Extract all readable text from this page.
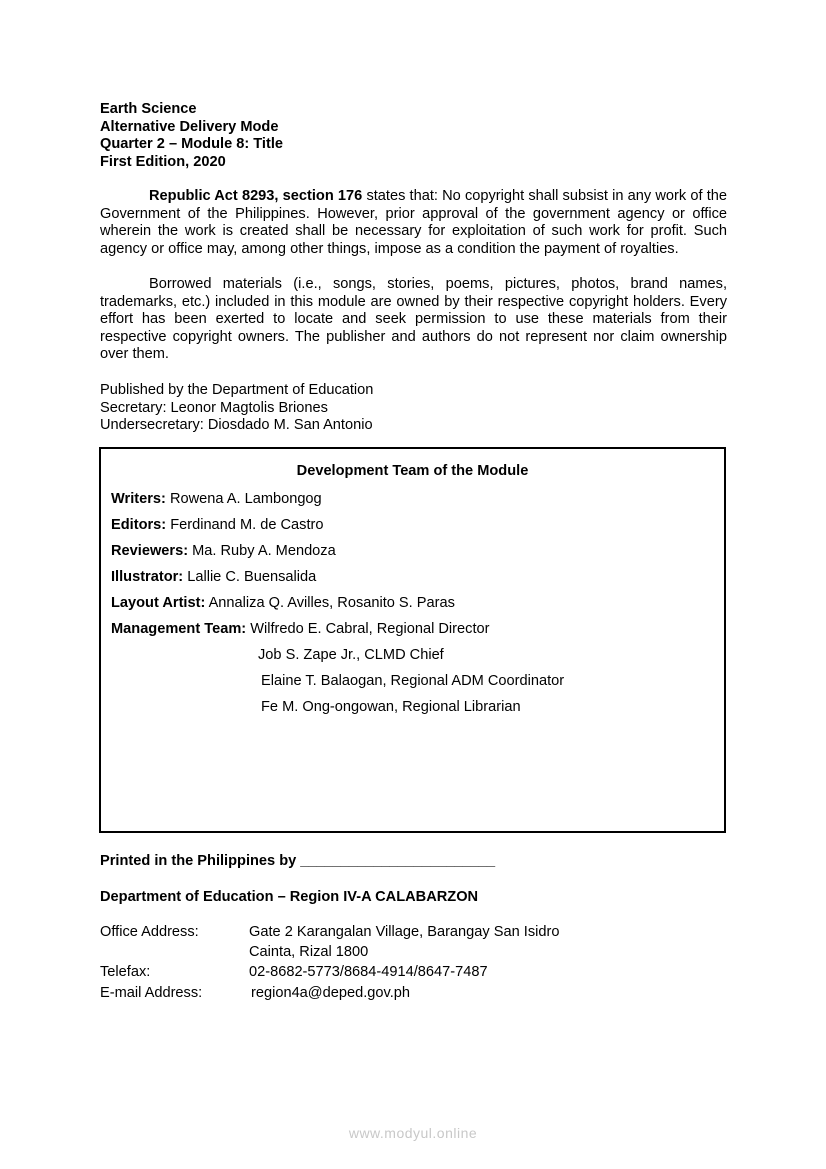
Earth Science
Alternative Delivery Mode
Quarter 2 – Module 8: Title
First Edition, 2020
Republic Act 8293, section 176 states that: No copyright shall subsist in any work of the Government of the Philippines. However, prior approval of the government agency or office wherein the work is created shall be necessary for exploitation of such work for profit. Such agency or office may, among other things, impose as a condition the payment of royalties.
Borrowed materials (i.e., songs, stories, poems, pictures, photos, brand names, trademarks, etc.) included in this module are owned by their respective copyright holders. Every effort has been exerted to locate and seek permission to use these materials from their respective copyright owners. The publisher and authors do not represent nor claim ownership over them.
Published by the Department of Education
Secretary: Leonor Magtolis Briones
Undersecretary: Diosdado M. San Antonio
Development Team of the Module
Writers: Rowena A. Lambongog
Editors: Ferdinand M. de Castro
Reviewers: Ma. Ruby A. Mendoza
Illustrator: Lallie C. Buensalida
Layout Artist: Annaliza Q. Avilles, Rosanito S. Paras
Management Team: Wilfredo E. Cabral, Regional Director
Job S. Zape Jr., CLMD Chief
Elaine T. Balaogan, Regional ADM Coordinator
Fe M. Ong-ongowan, Regional Librarian
Printed in the Philippines by ________________________
Department of Education – Region IV-A CALABARZON
Office Address:	Gate 2 Karangalan Village, Barangay San Isidro
Cainta, Rizal 1800
Telefax:	02-8682-5773/8684-4914/8647-7487
E-mail Address:	region4a@deped.gov.ph
www.modyul.online
